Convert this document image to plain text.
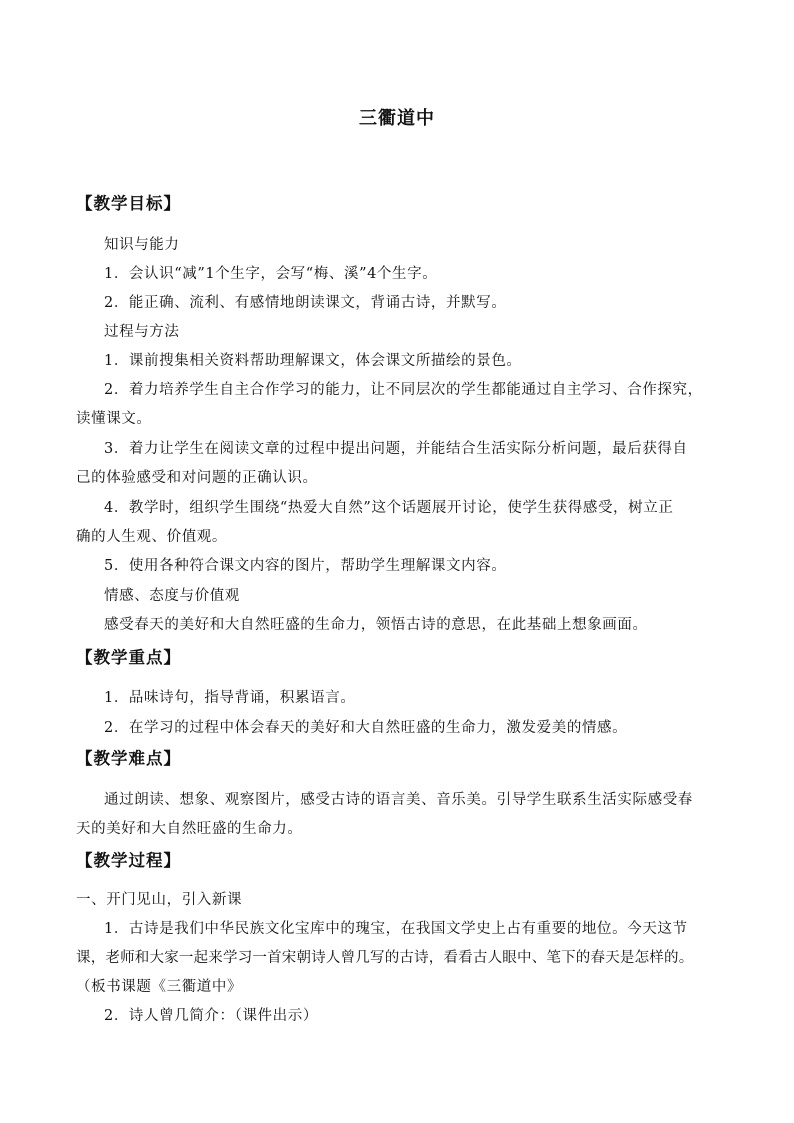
三衢道中
【教学目标】
知识与能力
1．会认识“减”1个生字，会写“梅、溪”4个生字。
2．能正确、流利、有感情地朗读课文，背诵古诗，并默写。
过程与方法
1．课前搜集相关资料帮助理解课文，体会课文所描绘的景色。
2．着力培养学生自主合作学习的能力，让不同层次的学生都能通过自主学习、合作探究，
读懂课文。
3．着力让学生在阅读文章的过程中提出问题，并能结合生活实际分析问题，最后获得自
己的体验感受和对问题的正确认识。
4．教学时，组织学生围绕“热爱大自然”这个话题展开讨论，使学生获得感受，树立正
确的人生观、价值观。
5．使用各种符合课文内容的图片，帮助学生理解课文内容。
情感、态度与价值观
感受春天的美好和大自然旺盛的生命力，领悟古诗的意思，在此基础上想象画面。
【教学重点】
1．品味诗句，指导背诵，积累语言。
2．在学习的过程中体会春天的美好和大自然旺盛的生命力，激发爱美的情感。
【教学难点】
通过朗读、想象、观察图片，感受古诗的语言美、音乐美。引导学生联系生活实际感受春
天的美好和大自然旺盛的生命力。
【教学过程】
一、开门见山，引入新课
1．古诗是我们中华民族文化宝库中的瑰宝，在我国文学史上占有重要的地位。今天这节
课，老师和大家一起来学习一首宋朝诗人曾几写的古诗，看看古人眼中、笔下的春天是怎样的。
（板书课题《三衢道中》
2．诗人曾几简介：（课件出示）
